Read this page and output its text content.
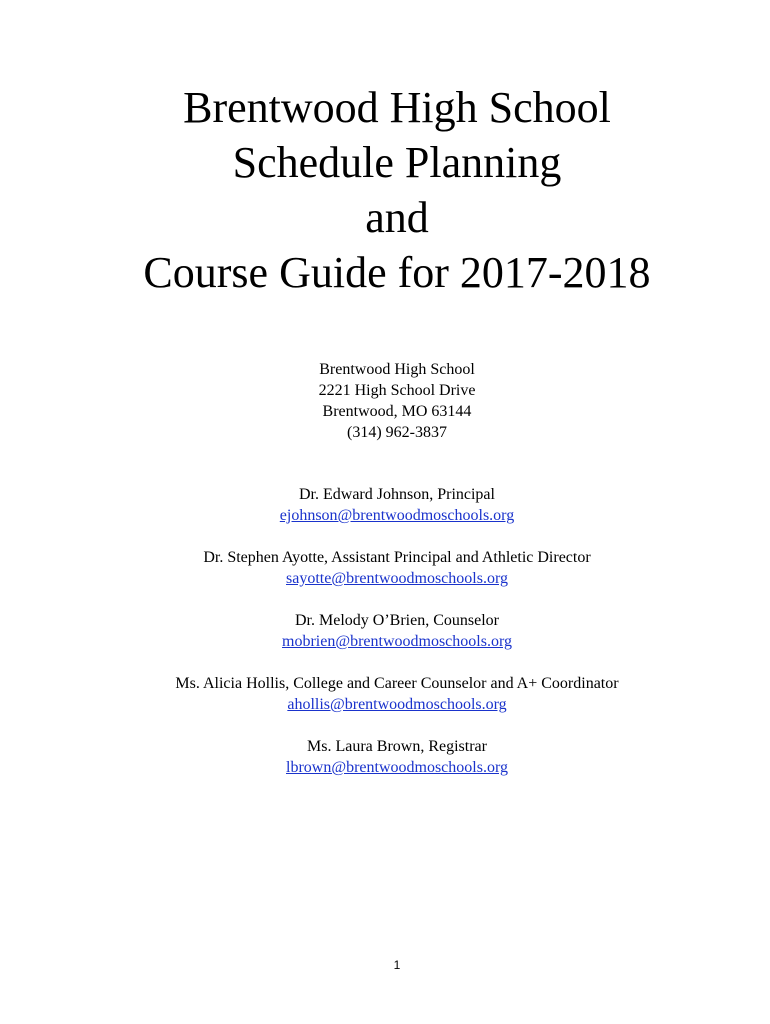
Brentwood High School
Schedule Planning
and
Course Guide for 2017-2018
Brentwood High School
2221 High School Drive
Brentwood, MO 63144
(314) 962-3837
Dr. Edward Johnson, Principal
ejohnson@brentwoodmoschools.org
Dr. Stephen Ayotte, Assistant Principal and Athletic Director
sayotte@brentwoodmoschools.org
Dr. Melody O’Brien, Counselor
mobrien@brentwoodmoschools.org
Ms. Alicia Hollis, College and Career Counselor and A+ Coordinator
ahollis@brentwoodmoschools.org
Ms. Laura Brown, Registrar
lbrown@brentwoodmoschools.org
1
